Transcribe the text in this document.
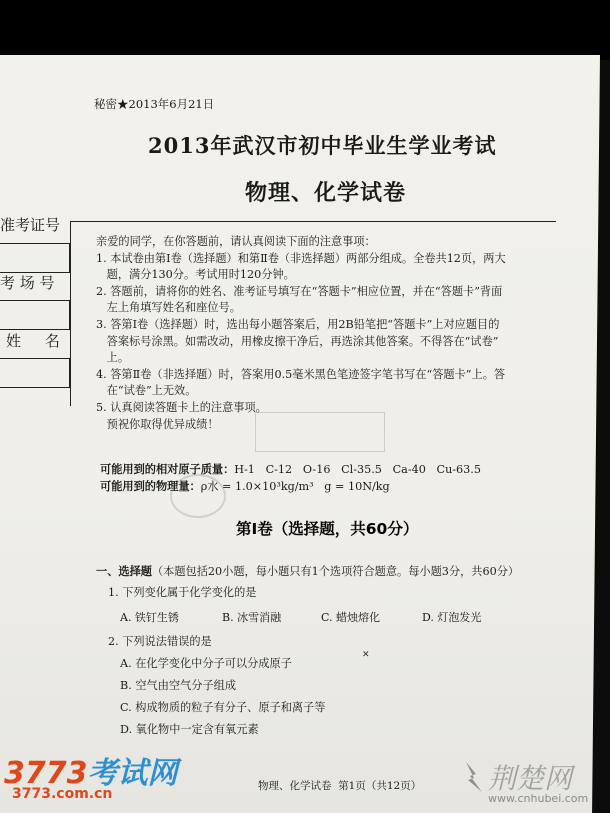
秘密★2013年6月21日
2013年武汉市初中毕业生学业考试
物理、化学试卷
准考证号
考 场 号
姓     名
亲爱的同学，在你答题前，请认真阅读下面的注意事项：
1. 本试卷由第Ⅰ卷（选择题）和第Ⅱ卷（非选择题）两部分组成。全卷共12页，两大
题，满分130分。考试用时120分钟。
2. 答题前，请将你的姓名、准考证号填写在“答题卡”相应位置，并在“答题卡”背面
左上角填写姓名和座位号。
3. 答第Ⅰ卷（选择题）时，选出每小题答案后，用2B铅笔把“答题卡”上对应题目的
答案标号涂黑。如需改动，用橡皮擦干净后，再选涂其他答案。不得答在“试卷”
上。
4. 答第Ⅱ卷（非选择题）时，答案用0.5毫米黑色笔迹签字笔书写在“答题卡”上。答
在“试卷”上无效。
5. 认真阅读答题卡上的注意事项。
预祝你取得优异成绩！
可能用到的相对原子质量：H-1   C-12   O-16   Cl-35.5   Ca-40   Cu-63.5
可能用到的物理量：ρ水 = 1.0×10³kg/m³   g = 10N/kg
第Ⅰ卷（选择题，共60分）
一、选择题（本题包括20小题，每小题只有1个选项符合题意。每小题3分，共60分）
1. 下列变化属于化学变化的是
A. 铁钉生锈	B. 冰雪消融	C. 蜡烛熔化	D. 灯泡发光
2. 下列说法错误的是
A. 在化学变化中分子可以分成原子
B. 空气由空气分子组成
C. 构成物质的粒子有分子、原子和离子等
D. 氧化物中一定含有氧元素
✕
物理、化学试卷  第1页（共12页）
3773考试网
3773.com.cn	荆楚网
www.cnhubei.com
